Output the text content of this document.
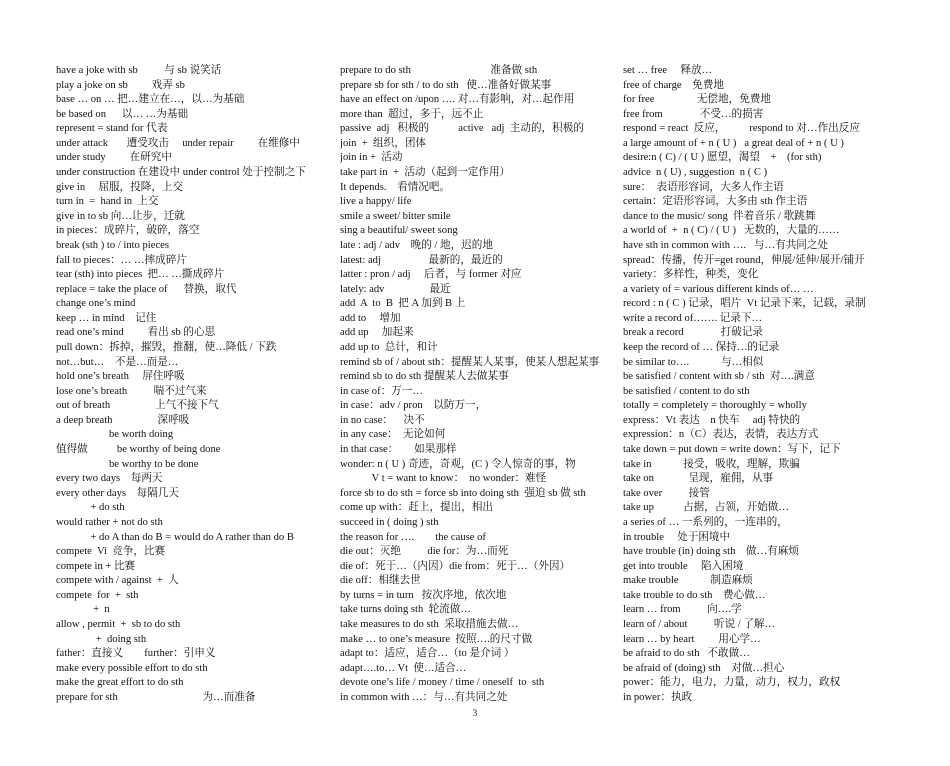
have a joke with sb          与 sb 说笑话
play a joke on sb         戏弄 sb
base … on … 把…建立在…，以…为基础
be based on      以… …为基础
represent = stand for 代表
under attack       遭受攻击     under repair         在维修中
under study         在研究中
under construction 在建设中 under control 处于控制之下
give in     屈服，投降，上交
turn in  =  hand in  上交
give in to sb 向…让步，迁就
in pieces：成碎片，破碎，落空
break (sth ) to / into pieces
fall to pieces：… …摔成碎片
tear (sth) into pieces  把… …撕成碎片
replace = take the place of      替换，取代
change one’s mind
keep … in mind    记住
read one’s mind         看出 sb 的心思
pull down：拆掉，摧毁，推翻，使…降低 / 下跌
not…but…    不是…而是…
hold one’s breath     屏住呼吸
lose one’s breath          喘不过气来
out of breath                 上气不接下气
a deep breath                 深呼吸
be worth doing
值得做           be worthy of being done
be worthy to be done
every two days    每两天
every other days    每隔几天
+ do sth
would rather + not do sth
+ do A than do B = would do A rather than do B
compete  Vi  竞争，比赛
compete in + 比赛
compete with / against  +  人
compete  for  +  sth
+  n
allow , permit  +  sb to do sth
+  doing sth
father：直接义        further：引申义
make every possible effort to do sth
make the great effort to do sth
prepare for sth                                为…而准备
prepare to do sth                              准备做 sth
prepare sb for sth / to do sth   使…准备好做某事
have an effect on /upon …. 对…有影响，对…起作用
more than  超过，多于，远不止
passive  adj   积极的           active   adj  主动的，积极的
join  +  组织，团体
join in +  活动
take part in  +  活动（起到一定作用）
It depends.    看情况吧。
live a happy/ life
smile a sweet/ bitter smile
sing a beautiful/ sweet song
late : adj / adv    晚的 / 地，迟的地
latest: adj                  最新的，最近的
latter : pron / adj     后者，与 former 对应
lately: adv                 最近
add  A  to  B  把 A 加到 B 上
add to     增加
add up     加起来
add up to  总计，和计
remind sb of / about sth：提醒某人某事，使某人想起某事
remind sb to do sth 提醒某人去做某事
in case of：万一…
in case：adv / pron    以防万一，
in no case：    决不
in any case：  无论如何
in that case：      如果那样
wonder: n ( U ) 奇迹，奇观，(C ) 令人惊奇的事，物
V t = want to know：  no wonder：难怪
force sb to do sth = force sb into doing sth  强迫 sb 做 sth
come up with：赶上，提出，相出
succeed in ( doing ) sth
the reason for ….        the cause of
die out：灭绝          die for：为…而死
die of：死于…（内因）die from：死于…（外因）
die off：相继去世
by turns = in turn   按次序地，依次地
take turns doing sth  轮流做…
take measures to do sth  采取措施去做…
make … to one’s measure  按照….的尺寸做
adapt to：适应，适合…（to 是介词 ）
adapt….to… Vt  使…适合…
devote one’s life / money / time / oneself  to  sth
in common with …：与…有共同之处
set … free     释放…
free of charge    免费地
for free                无偿地，免费地
free from              不受…的损害
respond = react  反应，         respond to 对…作出反应
a large amount of + n ( U )   a great deal of + n ( U )
desire:n ( C) / ( U ) 愿望，渴望    +    (for sth)
advice  n ( U) , suggestion  n ( C )
sure：  表语形容词，大多人作主语
certain：定语形容词，大多由 sth 作主语
dance to the music/ song  伴着音乐 / 歌跳舞
a world of  +  n ( C) / ( U )   无数的，大量的……
have sth in common with ….   与…有共同之处
spread：传播，传开=get round，伸展/延伸/展开/铺开
variety：多样性，种类，变化
a variety of = various different kinds of… …
record : n ( C ) 记录，唱片  Vt 记录下来，记载，录制
write a record of……. 记录下…
break a record              打破记录
keep the record of … 保持…的记录
be similar to….            与…相似
be satisfied / content with sb / sth  对….满意
be satisfied / content to do sth
totally = completely = thoroughly = wholly
express：Vt 表达    n 快车     adj 特快的
expression：n（C）表达，表情，表达方式
take down = put down = write down：写下，记下
take in            接受，吸收，理解，欺骗
take on             呈现，雇佣，从事
take over          接管
take up           占据，占领，开始做…
a series of … 一系列的，一连串的，
in trouble     处于困境中
have trouble (in) doing sth    做…有麻烦
get into trouble     陷入困境
make trouble            制造麻烦
take trouble to do sth    费心做…
learn … from          向….学
learn of / about          听说 / 了解…
learn … by heart         用心学…
be afraid to do sth   不敢做…
be afraid of (doing) sth    对做…担心
power：能力，电力，力量，动力，权力，政权
in power：执政
3
